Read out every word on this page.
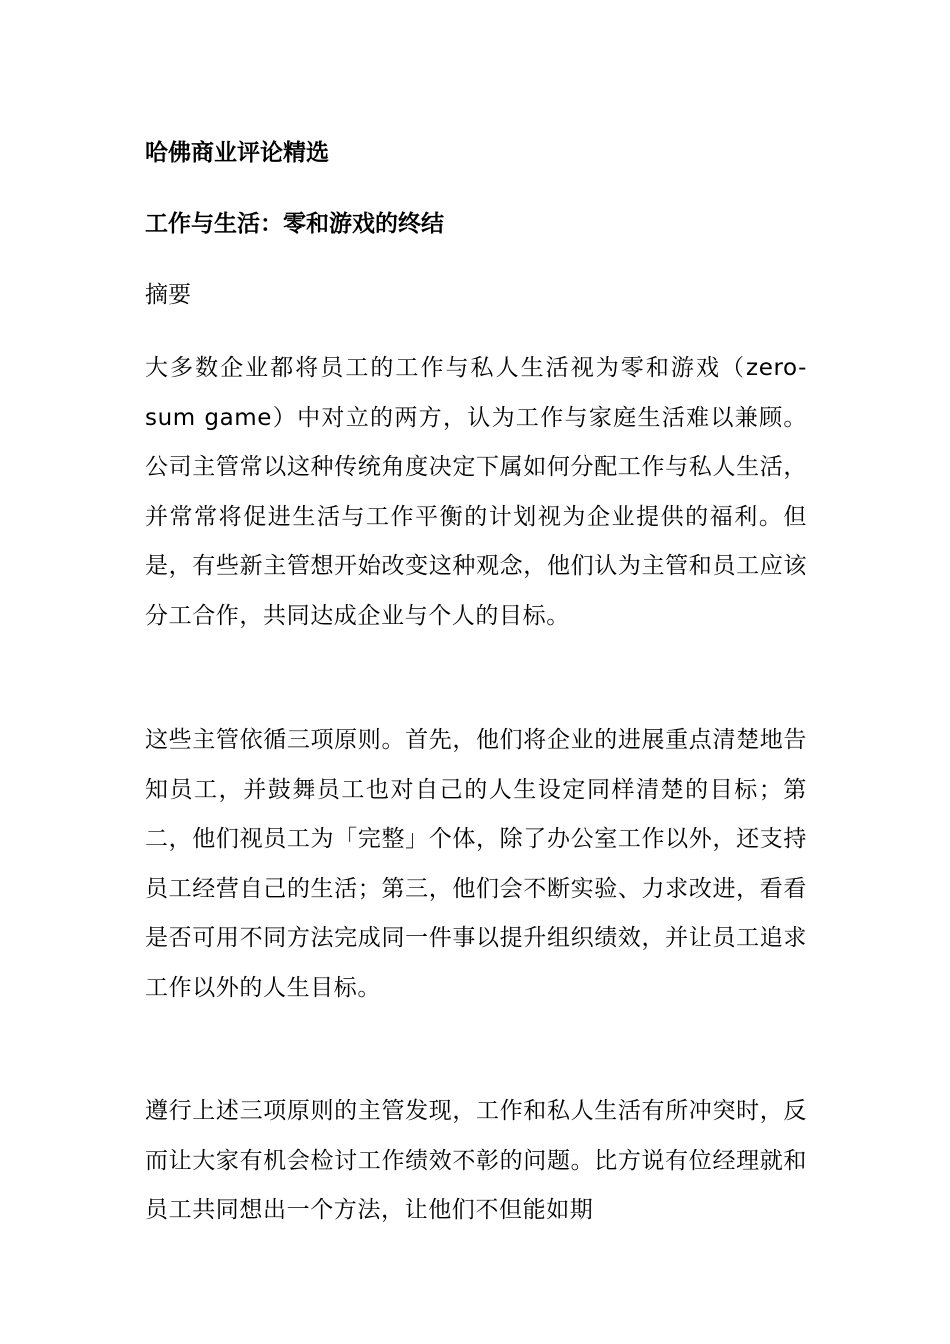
哈佛商业评论精选
工作与生活：零和游戏的终结
摘要

大多数企业都将员工的工作与私人生活视为零和游戏（zero-sum game）中对立的两方，认为工作与家庭生活难以兼顾。公司主管常以这种传统角度决定下属如何分配工作与私人生活，并常常将促进生活与工作平衡的计划视为企业提供的福利。但是，有些新主管想开始改变这种观念，他们认为主管和员工应该分工合作，共同达成企业与个人的目标。

这些主管依循三项原则。首先，他们将企业的进展重点清楚地告知员工，并鼓舞员工也对自己的人生设定同样清楚的目标；第二，他们视员工为「完整」个体，除了办公室工作以外，还支持员工经营自己的生活；第三，他们会不断实验、力求改进，看看是否可用不同方法完成同一件事以提升组织绩效，并让员工追求工作以外的人生目标。

遵行上述三项原则的主管发现，工作和私人生活有所冲突时，反而让大家有机会检讨工作绩效不彰的问题。比方说有位经理就和员工共同想出一个方法，让他们不但能如期
